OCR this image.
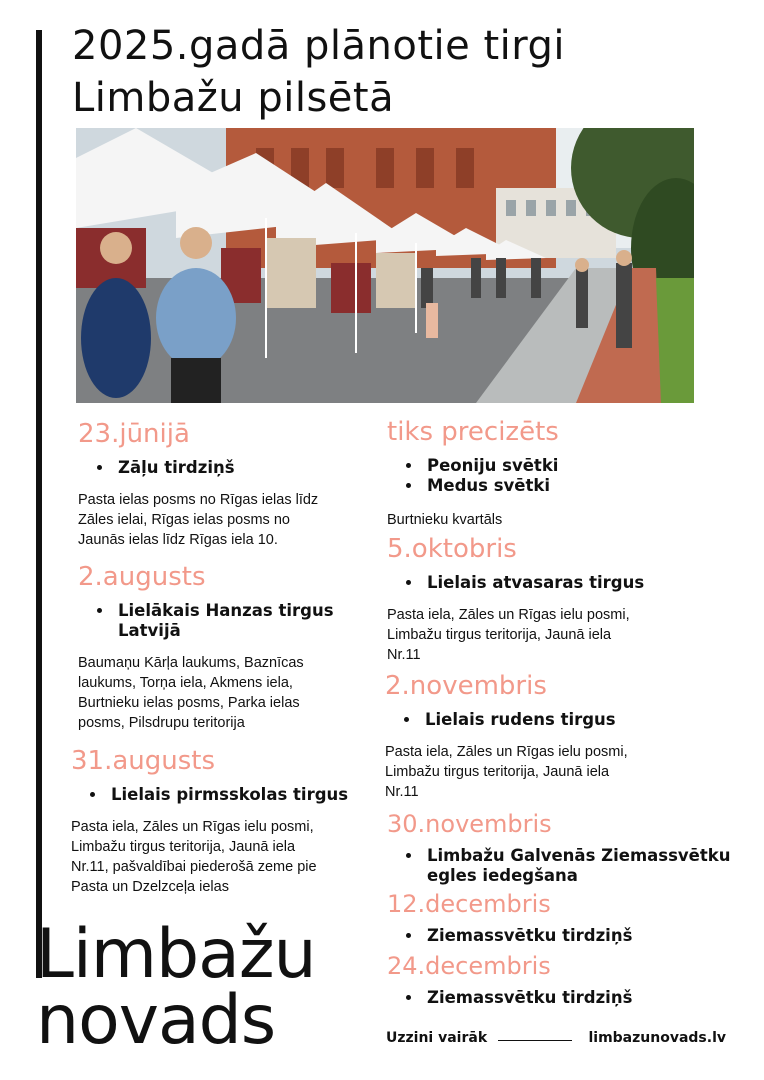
2025.gadā plānotie tirgi
Limbažu pilsētā
23.jūnijā
• Zāļu tirdziņš
Pasta ielas posms no Rīgas ielas līdz
Zāles ielai, Rīgas ielas posms no
Jaunās ielas līdz Rīgas iela 10.
2.augusts
• Lielākais Hanzas tirgus Latvijā
Baumaņu Kārļa laukums, Baznīcas
laukums, Torņa iela, Akmens iela,
Burtnieku ielas posms, Parka ielas
posms, Pilsdrupu teritorija
31.augusts
• Lielais pirmsskolas tirgus
Pasta iela, Zāles un Rīgas ielu posmi,
Limbažu tirgus teritorija, Jaunā iela
Nr.11, pašvaldībai piederošā zeme pie
Pasta un Dzelzceļa ielas
tiks precizēts
• Peoniju svētki
• Medus svētki
Burtnieku kvartāls
5.oktobris
• Lielais atvasaras tirgus
Pasta iela, Zāles un Rīgas ielu posmi,
Limbažu tirgus teritorija, Jaunā iela
Nr.11
2.novembris
• Lielais rudens tirgus
Pasta iela, Zāles un Rīgas ielu posmi,
Limbažu tirgus teritorija, Jaunā iela
Nr.11
30.novembris
• Limbažu Galvenās Ziemassvētku egles iedegšana
12.decembris
• Ziemassvētku tirdziņš
24.decembris
• Ziemassvētku tirdziņš
Limbažu
novads	Uzzini vairāk	limbazunovads.lv
